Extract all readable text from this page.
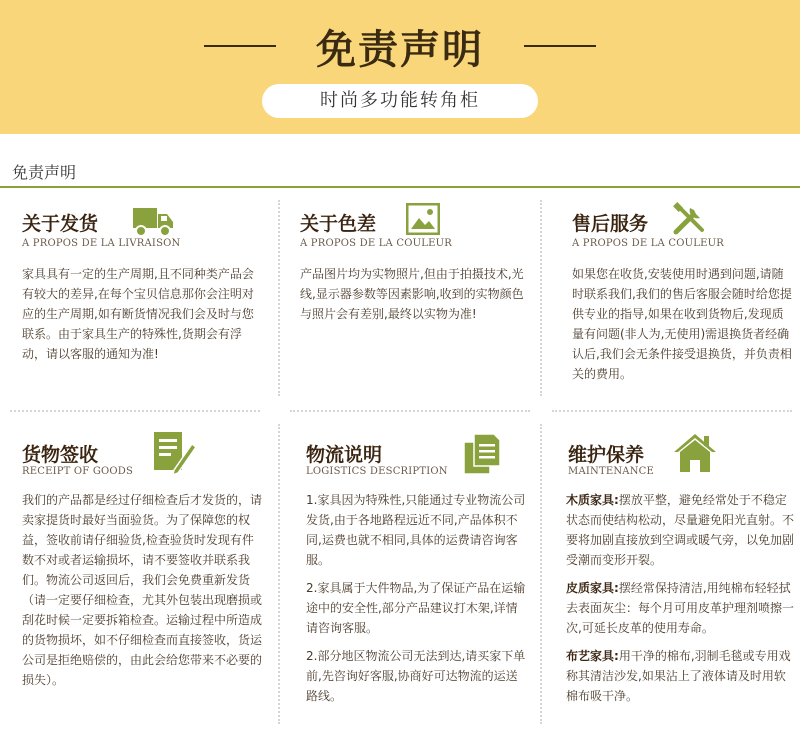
免责声明
时尚多功能转角柜
免责声明
关于发货
A PROPOS DE LA LIVRAISON
家具具有一定的生产周期,且不同种类产品会有较大的差异,在每个宝贝信息那你会注明对应的生产周期,如有断货情况我们会及时与您联系。由于家具生产的特殊性,货期会有浮动，请以客服的通知为准!
关于色差
A PROPOS DE LA COULEUR
产品图片均为实物照片,但由于拍摄技术,光线,显示器参数等因素影响,收到的实物颜色与照片会有差别,最终以实物为准!
售后服务
A PROPOS DE LA COULEUR
如果您在收货,安装使用时遇到问题,请随时联系我们,我们的售后客服会随时给您提供专业的指导,如果在收到货物后,发现质量有问题(非人为,无使用)需退换货者经确认后,我们会无条件接受退换货，并负责相关的费用。
货物签收
RECEIPT OF GOODS
我们的产品都是经过仔细检查后才发货的，请卖家提货时最好当面验货。为了保障您的权益，签收前请仔细验货,检查验货时发现有件数不对或者运输损坏，请不要签收并联系我们。物流公司返回后，我们会免费重新发货（请一定要仔细检查，尤其外包装出现磨损或刮花时候一定要拆箱检查。运输过程中所造成的货物损坏，如不仔细检查而直接签收，货运公司是拒绝赔偿的，由此会给您带来不必要的损失）。
物流说明
LOGISTICS DESCRIPTION

1.家具因为特殊性,只能通过专业物流公司发货,由于各地路程远近不同,产品体积不同,运费也就不相同,具体的运费请咨询客服。

2.家具属于大件物品,为了保证产品在运输途中的安全性,部分产品建议打木架,详情请咨询客服。

2.部分地区物流公司无法到达,请买家下单前,先咨询好客服,协商好可达物流的运送路线。

维护保养
MAINTENANCE

木质家具:摆放平整，避免经常处于不稳定状态而使结构松动，尽量避免阳光直射。不要将加剧直接放到空调或暖气旁，以免加剧受潮而变形开裂。

皮质家具:摆经常保持清洁,用纯棉布轻轻拭去表面灰尘：每个月可用皮革护理剂喷擦一次,可延长皮革的使用寿命。

布艺家具:用干净的棉布,羽制毛毯或专用戏称其清洁沙发,如果沾上了液体请及时用软棉布吸干净。
